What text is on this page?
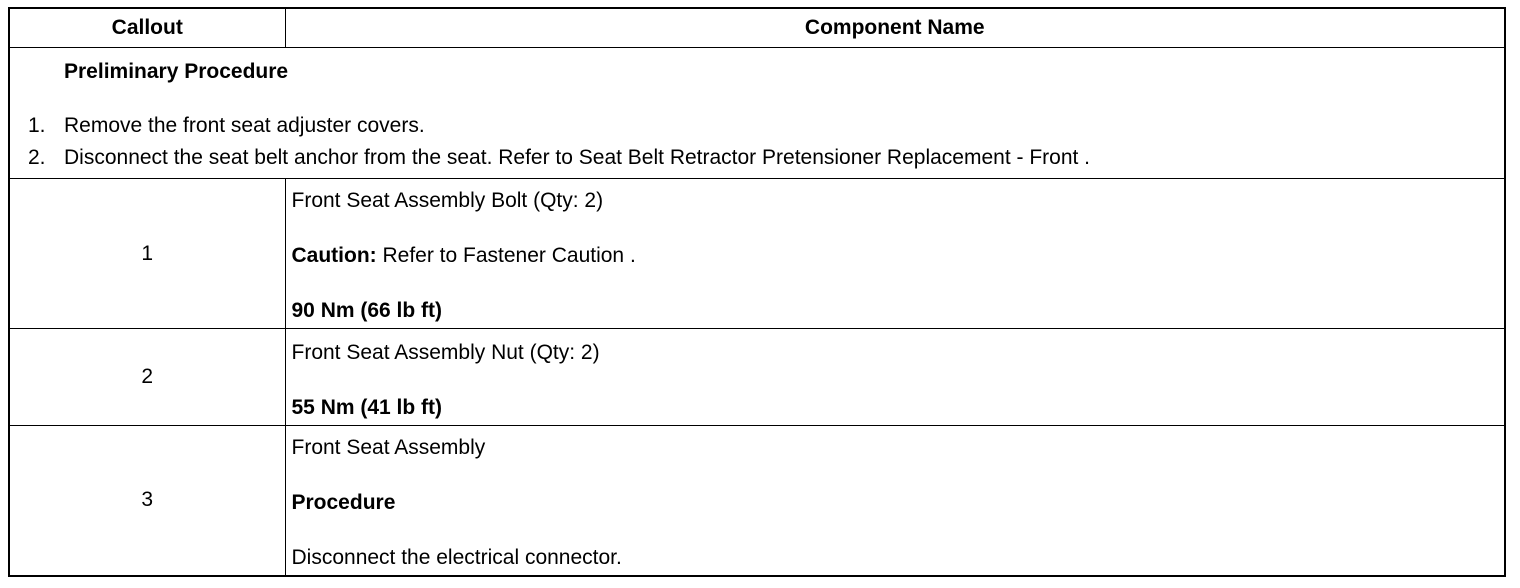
Callout	Component Name

Preliminary Procedure
1. Remove the front seat adjuster covers.
2. Disconnect the seat belt anchor from the seat. Refer to Seat Belt Retractor Pretensioner Replacement - Front .	

1	Front Seat Assembly Bolt (Qty: 2)
Caution: Refer to Fastener Caution .
90 Nm (66 lb ft)

2	Front Seat Assembly Nut (Qty: 2)
55 Nm (41 lb ft)

3	Front Seat Assembly
Procedure
Disconnect the electrical connector.
